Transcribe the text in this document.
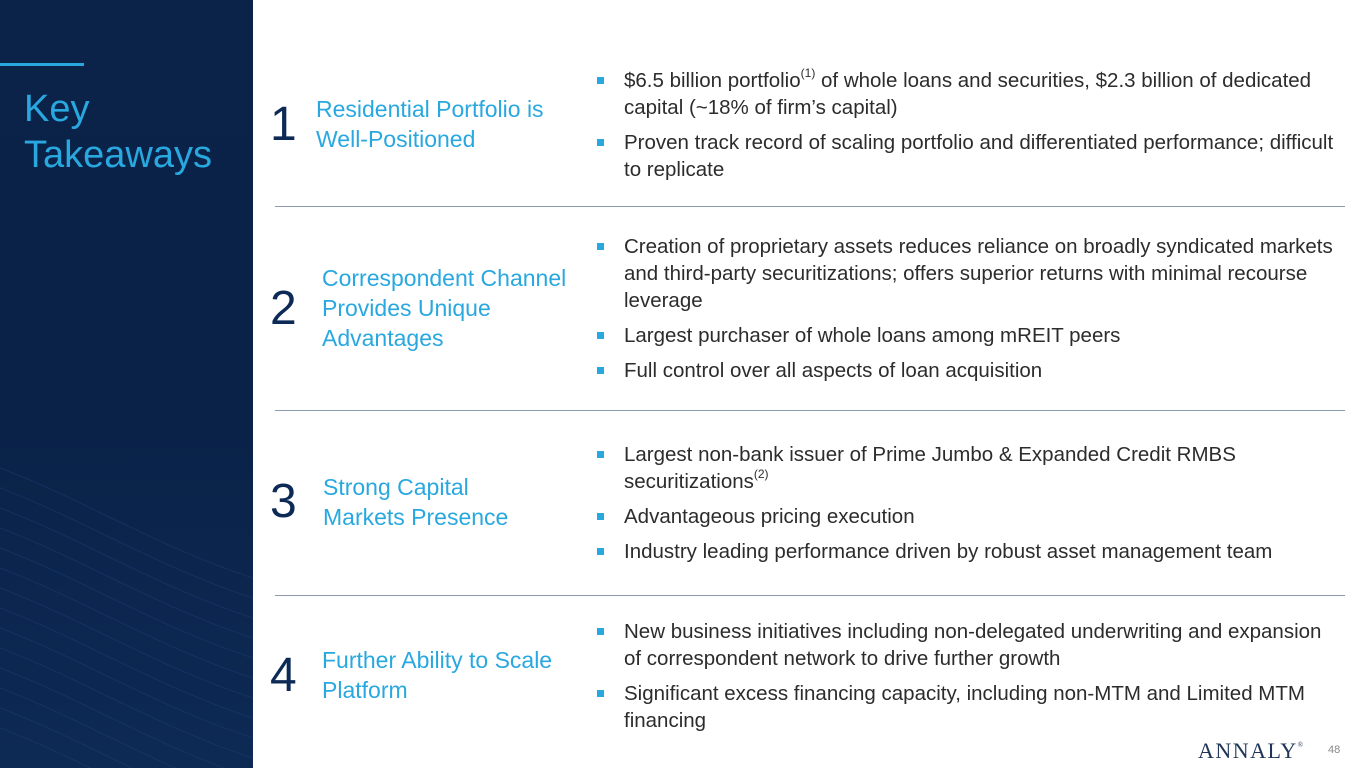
Key
Takeaways
1 Residential Portfolio is
Well-Positioned
$6.5 billion portfolio$^{(1)}$ of whole loans and securities, $2.3 billion of dedicated capital (~18% of firm’s capital)
Proven track record of scaling portfolio and differentiated performance; difficult to replicate
2
Correspondent Channel
Provides Unique
Advantages
Creation of proprietary assets reduces reliance on broadly syndicated markets and third-party securitizations; offers superior returns with minimal recourse leverage
Largest purchaser of whole loans among mREIT peers
Full control over all aspects of loan acquisition
3 Strong Capital
Markets Presence
Largest non-bank issuer of Prime Jumbo & Expanded Credit RMBS securitizations$^{(2)}$
Advantageous pricing execution
Industry leading performance driven by robust asset management team
4 Further Ability to Scale
Platform
New business initiatives including non-delegated underwriting and expansion of correspondent network to drive further growth
Significant excess financing capacity, including non-MTM and Limited MTM financing
ANNALY® 48
